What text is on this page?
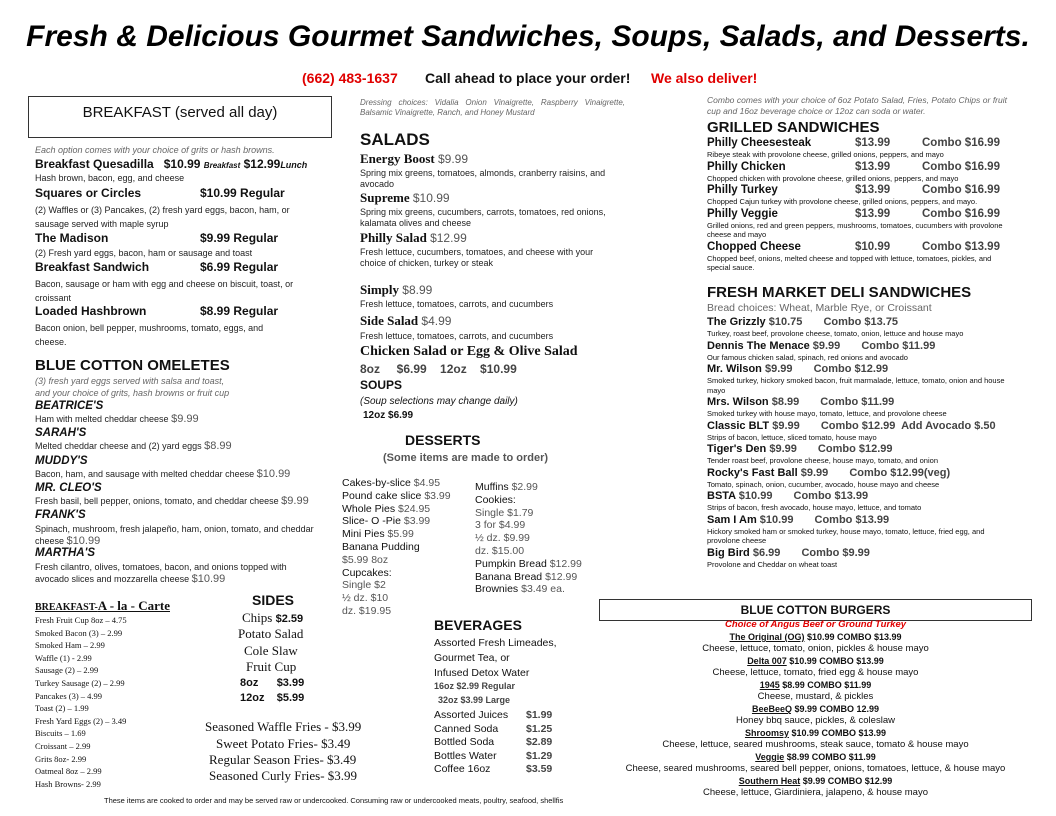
Fresh & Delicious Gourmet Sandwiches, Soups, Salads, and Desserts.
(662) 483-1637 Call ahead to place your order! We also deliver!
BREAKFAST (served all day)
Each option comes with your choice of grits or hash browns.
Breakfast Quesadilla $10.99 Breakfast $12.99Lunch
Hash brown, bacon, egg, and cheese
Squares or Circles	$10.99 Regular
(2) Waffles or (3) Pancakes, (2) fresh yard eggs, bacon, ham, or sausage served with maple syrup
The Madison	$9.99 Regular
(2) Fresh yard eggs, bacon, ham or sausage and toast
Breakfast Sandwich	$6.99 Regular
Bacon, sausage or ham with egg and cheese on biscuit, toast, or croissant
Loaded Hashbrown	$8.99 Regular
Bacon onion, bell pepper, mushrooms, tomato, eggs, and cheese.
BLUE COTTON OMELETES
(3) fresh yard eggs served with salsa and toast,
and your choice of grits, hash browns or fruit cup
BEATRICE'S
Ham with melted cheddar cheese $9.99
SARAH'S
Melted cheddar cheese and (2) yard eggs $8.99
MUDDY'S
Bacon, ham, and sausage with melted cheddar cheese $10.99
MR. CLEO'S
Fresh basil, bell pepper, onions, tomato, and cheddar cheese $9.99
FRANK'S
Spinach, mushroom, fresh jalapeño, ham, onion, tomato, and cheddar cheese $10.99
MARTHA'S
Fresh cilantro, olives, tomatoes, bacon, and onions topped with avocado slices and mozzarella cheese $10.99
BREAKFAST-A - la - Carte
Fresh Fruit Cup 8oz – 4.75
Smoked Bacon (3) – 2.99
Smoked Ham – 2.99
Waffle (1) - 2.99
Sausage (2) – 2.99
Turkey Sausage (2) – 2.99
Pancakes (3) – 4.99
Toast (2) – 1.99
Fresh Yard Eggs (2) – 3.49
Biscuits – 1.69
Croissant – 2.99
Grits 8oz- 2.99
Oatmeal 8oz – 2.99
Hash Browns- 2.99
SIDES
Chips $2.59
Potato Salad
Cole Slaw
Fruit Cup
8oz $3.99
12oz $5.99
Seasoned Waffle Fries - $3.99
Sweet Potato Fries- $3.49
Regular Season Fries- $3.49
Seasoned Curly Fries- $3.99
These items are cooked to order and may be served raw or undercooked. Consuming raw or undercooked meats, poultry, seafood, shellfis
Dressing choices: Vidalia Onion Vinaigrette, Raspberry Vinaigrette, Balsamic Vinaigrette, Ranch, and Honey Mustard
SALADS
Energy Boost $9.99
Spring mix greens, tomatoes, almonds, cranberry raisins, and avocado
Supreme $10.99
Spring mix greens, cucumbers, carrots, tomatoes, red onions, kalamata olives and cheese
Philly Salad $12.99
Fresh lettuce, cucumbers, tomatoes, and cheese with your choice of chicken, turkey or steak
Simply $8.99
Fresh lettuce, tomatoes, carrots, and cucumbers
Side Salad $4.99
Fresh lettuce, tomatoes, carrots, and cucumbers
Chicken Salad or Egg & Olive Salad
8oz     $6.99    12oz    $10.99
SOUPS
(Soup selections may change daily)
12oz $6.99
DESSERTS
(Some items are made to order)
Cakes-by-slice $4.95
Pound cake slice $3.99
Whole Pies $24.95
Slice- O -Pie $3.99
Mini Pies $5.99
Banana Pudding
$5.99 8oz
Cupcakes:
Single $2
½ dz. $10
dz. $19.95
Muffins $2.99
Cookies:
Single $1.79
3 for $4.99
½ dz. $9.99
dz. $15.00
Pumpkin Bread $12.99
Banana Bread $12.99
Brownies $3.49 ea.
BEVERAGES
Assorted Fresh Limeades,
Gourmet Tea, or
Infused Detox Water
16oz $2.99 Regular
32oz $3.99 Large
Assorted Juices $1.99
Canned Soda	$1.25
Bottled Soda	$2.89
Bottles Water	$1.29
Coffee 16oz	$3.59
Combo comes with your choice of 6oz Potato Salad, Fries, Potato Chips or fruit cup and 16oz beverage choice or 12oz can soda or water.
GRILLED SANDWICHES
Philly Cheesesteak	$13.99	Combo $16.99
Ribeye steak with provolone cheese, grilled onions, peppers, and mayo
Philly Chicken	$13.99	Combo $16.99
Chopped chicken with provolone cheese, grilled onions, peppers, and mayo
Philly Turkey	$13.99	Combo $16.99
Chopped Cajun turkey with provolone cheese, grilled onions, peppers, and mayo.
Philly Veggie	$13.99	Combo $16.99
Grilled onions, red and green peppers, mushrooms, tomatoes, cucumbers with provolone cheese and mayo
Chopped Cheese	$10.99	Combo $13.99
Chopped beef, onions, melted cheese and topped with lettuce, tomatoes, pickles, and special sauce.
FRESH MARKET DELI SANDWICHES
Bread choices: Wheat, Marble Rye, or Croissant
The Grizzly $10.75 Combo $13.75
Turkey, roast beef, provolone cheese, tomato, onion, lettuce and house mayo
Dennis The Menace $9.99 Combo $11.99
Our famous chicken salad, spinach, red onions and avocado
Mr. Wilson $9.99 Combo $12.99
Smoked turkey, hickory smoked bacon, fruit marmalade, lettuce, tomato, onion and house mayo
Mrs. Wilson $8.99 Combo $11.99
Smoked turkey with house mayo, tomato, lettuce, and provolone cheese
Classic BLT $9.99 Combo $12.99  Add Avocado $.50
Strips of bacon, lettuce, sliced tomato, house mayo
Tiger's Den $9.99 Combo $12.99
Tender roast beef, provolone cheese, house mayo, tomato, and onion
Rocky's Fast Ball $9.99 Combo $12.99(veg)
Tomato, spinach, onion, cucumber, avocado, house mayo and cheese
BSTA $10.99 Combo $13.99
Strips of bacon, fresh avocado, house mayo, lettuce, and tomato
Sam I Am $10.99 Combo $13.99
Hickory smoked ham or smoked turkey, house mayo, tomato, lettuce, fried egg, and provolone cheese
Big Bird $6.99 Combo $9.99
Provolone and Cheddar on wheat toast
BLUE COTTON BURGERS
Choice of Angus Beef or Ground Turkey
The Original (OG) $10.99 COMBO $13.99
Cheese, lettuce, tomato, onion, pickles & house mayo
Delta 007 $10.99 COMBO $13.99
Cheese, lettuce, tomato, fried egg & house mayo
1945 $8.99 COMBO $11.99
Cheese, mustard, & pickles
BeeBeeQ $9.99 COMBO 12.99
Honey bbq sauce, pickles, & coleslaw
Shroomsy $10.99 COMBO $13.99
Cheese, lettuce, seared mushrooms, steak sauce, tomato & house mayo
Veggie $8.99 COMBO $11.99
Cheese, seared mushrooms, seared bell pepper, onions, tomatoes, lettuce, & house mayo
Southern Heat $9.99 COMBO $12.99
Cheese, lettuce, Giardiniera, jalapeno, & house mayo
